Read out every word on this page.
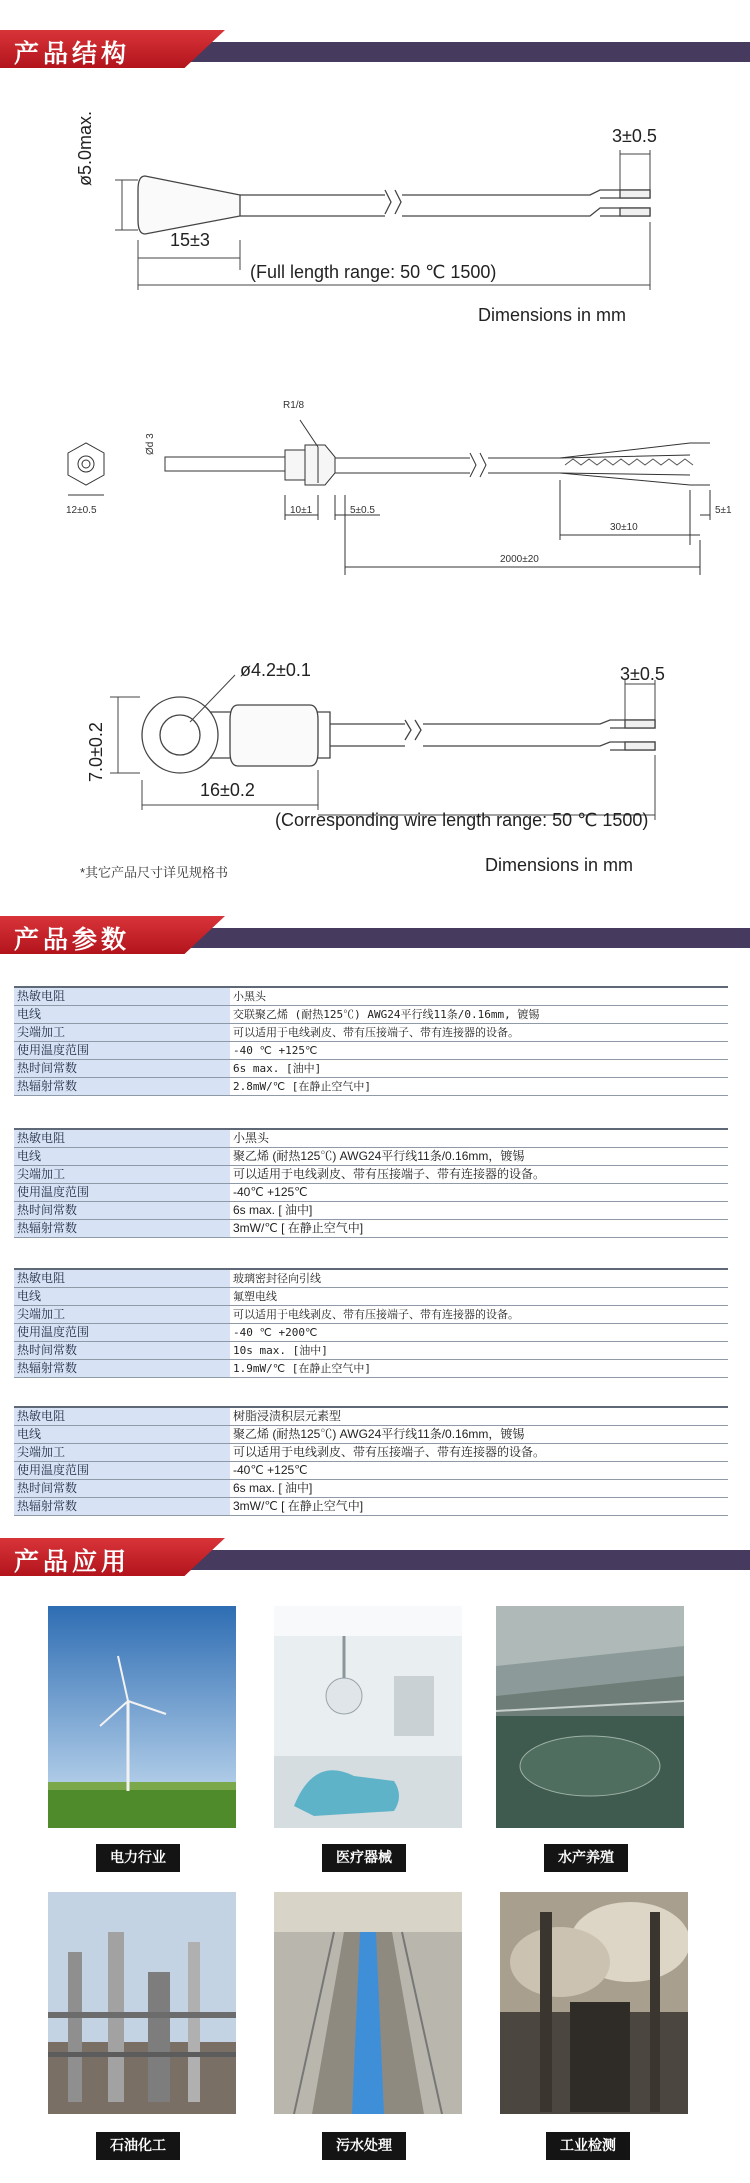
产品结构
ø5.0max.	3±0.5
15±3
(Full length range: 50 ℃ 1500)
Dimensions in mm
R1/8
Ød 3
12±0.5	10±1	5±0.5	5±1
30±10
2000±20
ø4.2±0.1	3±0.5
7.0±0.2
16±0.2
(Corresponding wire length range: 50 ℃ 1500)
*其它产品尺寸详见规格书	Dimensions in mm
产品参数
热敏电阻	小黑头
电线	交联聚乙烯 (耐热125℃) AWG24平行线11条/0.16mm, 镀锡
尖端加工	可以适用于电线剥皮、带有压接端子、带有连接器的设备。
使用温度范围	-40 ℃ +125℃
热时间常数	6s max. [油中]
热辐射常数	2.8mW/℃ [在静止空气中]
热敏电阻	小黑头
电线	聚乙烯 (耐热125℃) AWG24平行线11条/0.16mm，镀锡
尖端加工	可以适用于电线剥皮、带有压接端子、带有连接器的设备。
使用温度范围	-40℃ +125℃
热时间常数	6s max. [ 油中]
热辐射常数	3mW/℃ [ 在静止空气中]
热敏电阻	玻璃密封径向引线
电线	氟塑电线
尖端加工	可以适用于电线剥皮、带有压接端子、带有连接器的设备。
使用温度范围	-40 ℃ +200℃
热时间常数	10s max. [油中]
热辐射常数	1.9mW/℃ [在静止空气中]
热敏电阻	树脂浸渍积层元素型
电线	聚乙烯 (耐热125℃) AWG24平行线11条/0.16mm，镀锡
尖端加工	可以适用于电线剥皮、带有压接端子、带有连接器的设备。
使用温度范围	-40℃ +125℃
热时间常数	6s max. [ 油中]
热辐射常数	3mW/℃ [ 在静止空气中]
产品应用
电力行业	医疗器械	水产养殖
石油化工	污水处理	工业检测
